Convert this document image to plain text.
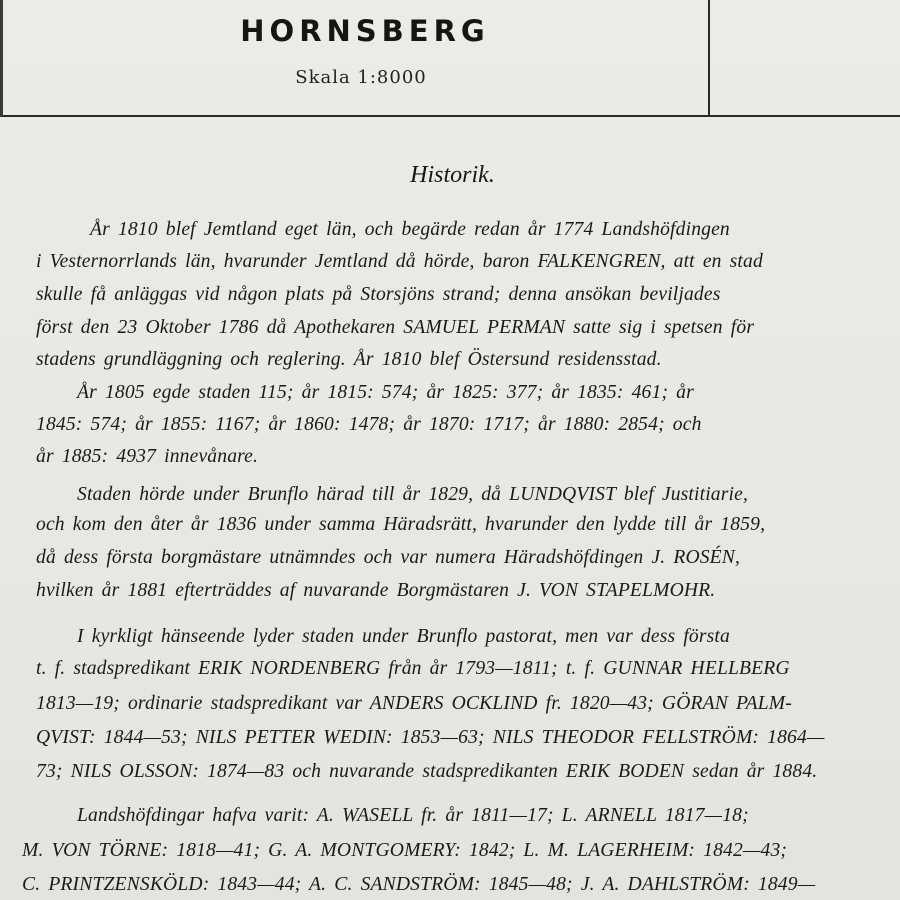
HORNSBERG
Skala 1:8000
Historik.
År 1810 blef Jemtland eget län, och begärde redan år 1774 Landshöfdingen
i Vesternorrlands län, hvarunder Jemtland då hörde, baron FALKENGREN, att en stad
skulle få anläggas vid någon plats på Storsjöns strand; denna ansökan beviljades
först den 23 Oktober 1786 då Apothekaren SAMUEL PERMAN satte sig i spetsen för
stadens grundläggning och reglering. År 1810 blef Östersund residensstad.
År 1805 egde staden 115; år 1815: 574; år 1825: 377; år 1835: 461; år
1845: 574; år 1855: 1167; år 1860: 1478; år 1870: 1717; år 1880: 2854; och
år 1885: 4937 innevånare.
Staden hörde under Brunflo härad till år 1829, då LUNDQVIST blef Justitiarie,
och kom den åter år 1836 under samma Häradsrätt, hvarunder den lydde till år 1859,
då dess första borgmästare utnämndes och var numera Häradshöfdingen J. ROSÉN,
hvilken år 1881 efterträddes af nuvarande Borgmästaren J. VON STAPELMOHR.
I kyrkligt hänseende lyder staden under Brunflo pastorat, men var dess första
t. f. stadspredikant ERIK NORDENBERG från år 1793—1811; t. f. GUNNAR HELLBERG
1813—19; ordinarie stadspredikant var ANDERS OCKLIND fr. 1820—43; GÖRAN PALM-
QVIST: 1844—53; NILS PETTER WEDIN: 1853—63; NILS THEODOR FELLSTRÖM: 1864—
73; NILS OLSSON: 1874—83 och nuvarande stadspredikanten ERIK BODEN sedan år 1884.
Landshöfdingar hafva varit: A. WASELL fr. år 1811—17; L. ARNELL 1817—18;
M. VON TÖRNE: 1818—41; G. A. MONTGOMERY: 1842; L. M. LAGERHEIM: 1842—43;
C. PRINTZENSKÖLD: 1843—44; A. C. SANDSTRÖM: 1845—48; J. A. DAHLSTRÖM: 1849—
